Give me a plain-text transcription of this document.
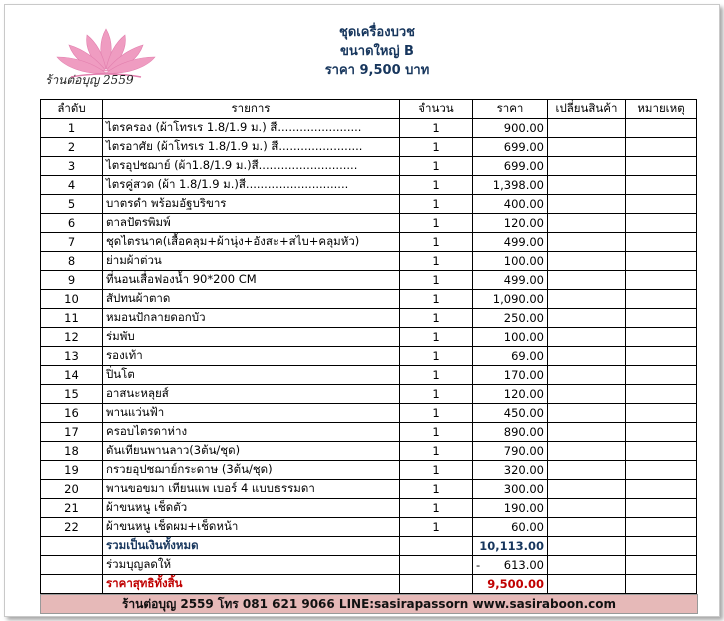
ร้านต่อบุญ 2559
ชุดเครื่องบวช
ขนาดใหญ่ B
ราคา 9,500 บาท
ลำดับ	รายการ	จำนวน	ราคา	เปลี่ยนสินค้า	หมายเหตุ
1	ไตรครอง (ผ้าโทรเร 1.8/1.9 ม.) สี.......................	1	900.00		
2	ไตรอาศัย (ผ้าโทรเร 1.8/1.9 ม.) สี.......................	1	699.00		
3	ไตรอุปชฌาย์ (ผ้า1.8/1.9 ม.)สี...........................	1	699.00		
4	ไตรคู่สวด (ผ้า 1.8/1.9 ม.)สี............................	1	1,398.00		
5	บาตรดำ พร้อมอัฐบริขาร	1	400.00		
6	ตาลปัตรพิมพ์	1	120.00		
7	ชุดไตรนาค(เสื้อคลุม+ผ้านุ่ง+อังสะ+สไบ+คลุมหัว)	1	499.00		
8	ย่ามผ้าต่วน	1	100.00		
9	ที่นอนเสื่อฟองน้ำ 90*200 CM	1	499.00		
10	สัปทนผ้าตาด	1	1,090.00		
11	หมอนปักลายดอกบัว	1	250.00		
12	ร่มพับ	1	100.00		
13	รองเท้า	1	69.00		
14	ปิ่นโต	1	170.00		
15	อาสนะหลุยส์	1	120.00		
16	พานแว่นฟ้า	1	450.00		
17	ครอบไตรดาห่าง	1	890.00		
18	ดันเทียนพานลาว(3ต้น/ชุด)	1	790.00		
19	กรวยอุปชฌาย์กระดาษ (3ต้น/ชุด)	1	320.00		
20	พานขอขมา เทียนแพ เบอร์ 4 แบบธรรมดา	1	300.00		
21	ผ้าขนหนู เช็ดตัว	1	190.00		
22	ผ้าขนหนู เช็ดผม+เช็ดหน้า	1	60.00		
	รวมเป็นเงินทั้งหมด		10,113.00		
	ร่วมบุญลดให้		- 613.00		
	ราคาสุทธิทั้งสิ้น		9,500.00		
ร้านต่อบุญ 2559 โทร 081 621 9066 LINE:sasirapassorn www.sasiraboon.com
